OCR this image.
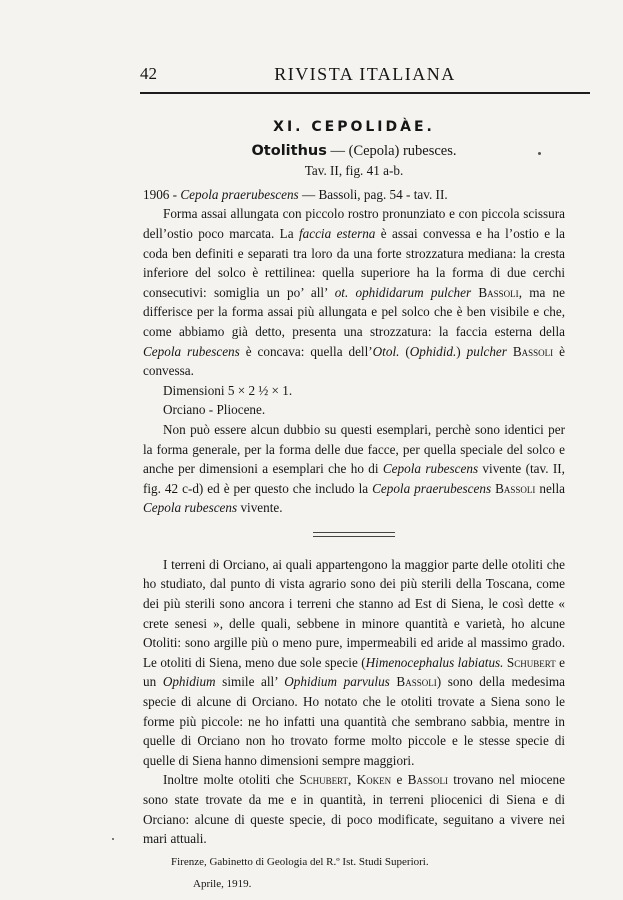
42	RIVISTA ITALIANA
XI. CEPOLIDÀE.
Otolithus — (Cepola) rubesces.
Tav. II, fig. 41 a-b.

1906 - Cepola praerubescens — Bassoli, pag. 54 - tav. II.

Forma assai allungata con piccolo rostro pronunziato e con piccola scissura dell’ostio poco marcata. La faccia esterna è assai convessa e ha l’ostio e la coda ben definiti e separati tra loro da una forte strozzatura mediana: la cresta inferiore del solco è rettilinea: quella superiore ha la forma di due cerchi consecutivi: somiglia un po’ all’ ot. ophididarum pulcher Bassoli, ma ne differisce per la forma assai più allungata e pel solco che è ben visibile e che, come abbiamo già detto, presenta una strozzatura: la faccia esterna della Cepola rubescens è concava: quella dell’Otol. (Ophidid.) pulcher Bassoli è convessa.

Dimensioni 5 × 2 ½ × 1.

Orciano - Pliocene.

Non può essere alcun dubbio su questi esemplari, perchè sono identici per la forma generale, per la forma delle due facce, per quella speciale del solco e anche per dimensioni a esemplari che ho di Cepola rubescens vivente (tav. II, fig. 42 c-d) ed è per questo che includo la Cepola praerubescens Bassoli nella Cepola rubescens vivente.

I terreni di Orciano, ai quali appartengono la maggior parte delle otoliti che ho studiato, dal punto di vista agrario sono dei più sterili della Toscana, come dei più sterili sono ancora i terreni che stanno ad Est di Siena, le così dette « crete senesi », delle quali, sebbene in minore quantità e varietà, ho alcune Otoliti: sono argille più o meno pure, impermeabili ed aride al massimo grado. Le otoliti di Siena, meno due sole specie (Himenocephalus labiatus. Schubert e un Ophidium simile all’ Ophidium parvulus Bassoli) sono della medesima specie di alcune di Orciano. Ho notato che le otoliti trovate a Siena sono le forme più piccole: ne ho infatti una quantità che sembrano sabbia, mentre in quelle di Orciano non ho trovato forme molto piccole e le stesse specie di quelle di Siena hanno dimensioni sempre maggiori.

Inoltre molte otoliti che Schubert, Koken e Bassoli trovano nel miocene sono state trovate da me e in quantità, in terreni pliocenici di Siena e di Orciano: alcune di queste specie, di poco modificate, seguitano a vivere nei mari attuali.

Firenze, Gabinetto di Geologia del R.º Ist. Studi Superiori.
Aprile, 1919.
